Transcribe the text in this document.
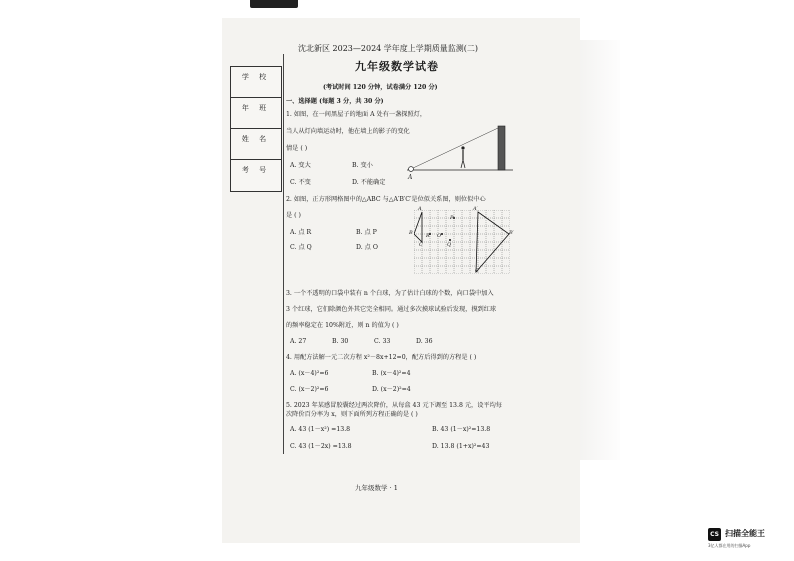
学 校
年 班
姓 名
考 号
沈北新区 2023—2024 学年度上学期质量监测(二)
九年级数学试卷
(考试时间 120 分钟，试卷满分 120 分)
一、选择题 (每题 3 分，共 30 分)
1. 如图，在一间黑屋子的地面 A 处有一盏探照灯，
当人从灯向墙运动时，他在墙上的影子的变化
情是 ( )
A. 变大	B. 变小
C. 不变	D. 不能确定
A
2. 如图，正方形网格图中的△ABC 与△A′B′C′是位似关系图，则位似中心
是 ( )
A. 点 R	B. 点 P
C. 点 Q	D. 点 O
A
B
C
R
P
Q
O
A′
B′
C′
3. 一个不透明的口袋中装有 n 个白球，为了估计白球的个数，向口袋中加入
3 个红球，它们除颜色外其它完全相同。通过多次摸球试验后发现，摸到红球
的频率稳定在 10%附近，则 n 的值为 ( )
A. 27	B. 30	C. 33	D. 36
4. 用配方法解一元二次方程 x²－8x+12=0，配方后得到的方程是 ( )
A. (x－4)²=6	B. (x－4)²=4
C. (x－2)²=6	D. (x－2)²=4
5. 2023 年某感冒胶囊经过两次降价，从每盒 43 元下调至 13.8 元，设平均每
次降价百分率为 x，则下面所列方程正确的是 ( )
A. 43 (1－x²) =13.8	B. 43 (1－x)²=13.8
C. 43 (1－2x) =13.8	D. 13.8 (1+x)²=43
九年级数学 · 1
CS 扫描全能王
3亿人都在用的扫描App
